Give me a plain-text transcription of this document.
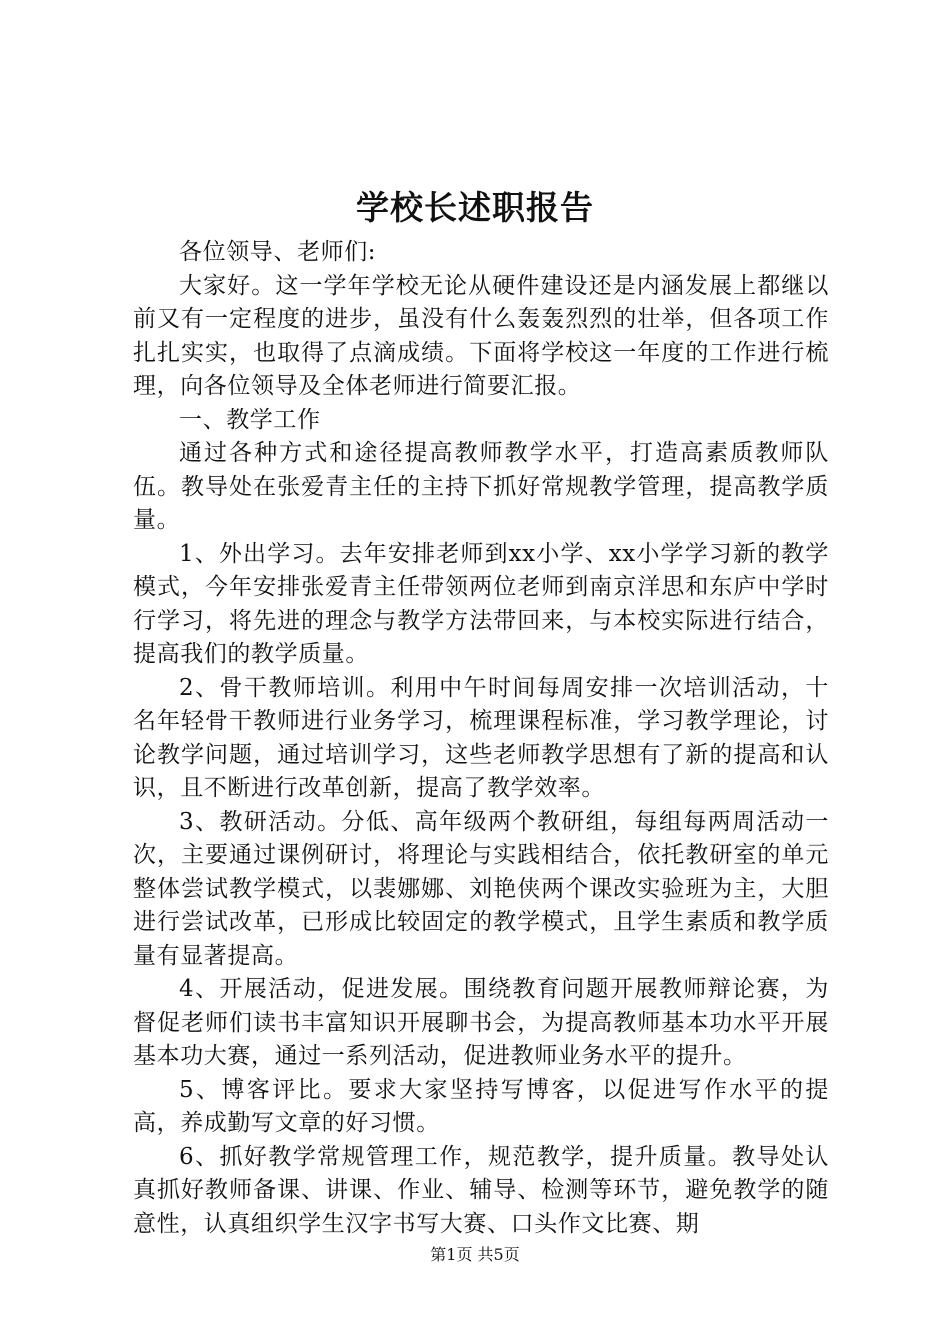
学校长述职报告

各位领导、老师们:

大家好。这一学年学校无论从硬件建设还是内涵发展上都继以前又有一定程度的进步，虽没有什么轰轰烈烈的壮举，但各项工作扎扎实实，也取得了点滴成绩。下面将学校这一年度的工作进行梳理，向各位领导及全体老师进行简要汇报。

一、教学工作

通过各种方式和途径提高教师教学水平，打造高素质教师队伍。教导处在张爱青主任的主持下抓好常规教学管理，提高教学质量。

1、外出学习。去年安排老师到xx小学、xx小学学习新的教学模式，今年安排张爱青主任带领两位老师到南京洋思和东庐中学时行学习，将先进的理念与教学方法带回来，与本校实际进行结合，提高我们的教学质量。

2、骨干教师培训。利用中午时间每周安排一次培训活动，十名年轻骨干教师进行业务学习，梳理课程标准，学习教学理论，讨论教学问题，通过培训学习，这些老师教学思想有了新的提高和认识，且不断进行改革创新，提高了教学效率。

3、教研活动。分低、高年级两个教研组，每组每两周活动一次，主要通过课例研讨，将理论与实践相结合，依托教研室的单元整体尝试教学模式，以裴娜娜、刘艳侠两个课改实验班为主，大胆进行尝试改革，已形成比较固定的教学模式，且学生素质和教学质量有显著提高。

4、开展活动，促进发展。围绕教育问题开展教师辩论赛，为督促老师们读书丰富知识开展聊书会，为提高教师基本功水平开展基本功大赛，通过一系列活动，促进教师业务水平的提升。

5、博客评比。要求大家坚持写博客，以促进写作水平的提高，养成勤写文章的好习惯。

6、抓好教学常规管理工作，规范教学，提升质量。教导处认真抓好教师备课、讲课、作业、辅导、检测等环节，避免教学的随意性，认真组织学生汉字书写大赛、口头作文比赛、期

第1页 共5页
